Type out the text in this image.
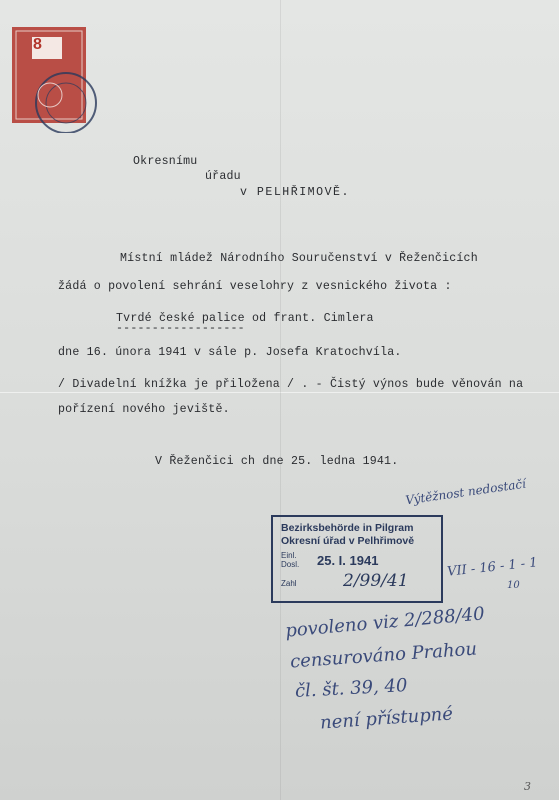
8
Okresnímu
úřadu
v PELHŘIMOVĚ.
Místní mládež Národního Souručenství v Řeženčicích
žádá o povolení sehrání veselohry z vesnického života :
Tvrdé české palice od frant. Cimlera
------------------
dne 16. února 1941 v sále p. Josefa Kratochvíla.
/ Divadelní knížka je přiložena / . - Čistý výnos bude věnován na
pořízení nového jeviště.
V Řeženčici ch dne 25. ledna 1941.
Výtěžnost nedostačí
Bezirksbehörde in Pilgram
Okresní úřad v Pelhřimově
Einl.
Dosl. 25. I. 1941
Zahl	2/99/41
VII - 16 - 1 - 1
10
povoleno viz 2/288/40
censurováno Prahou
čl. št. 39, 40
není přístupné
3
